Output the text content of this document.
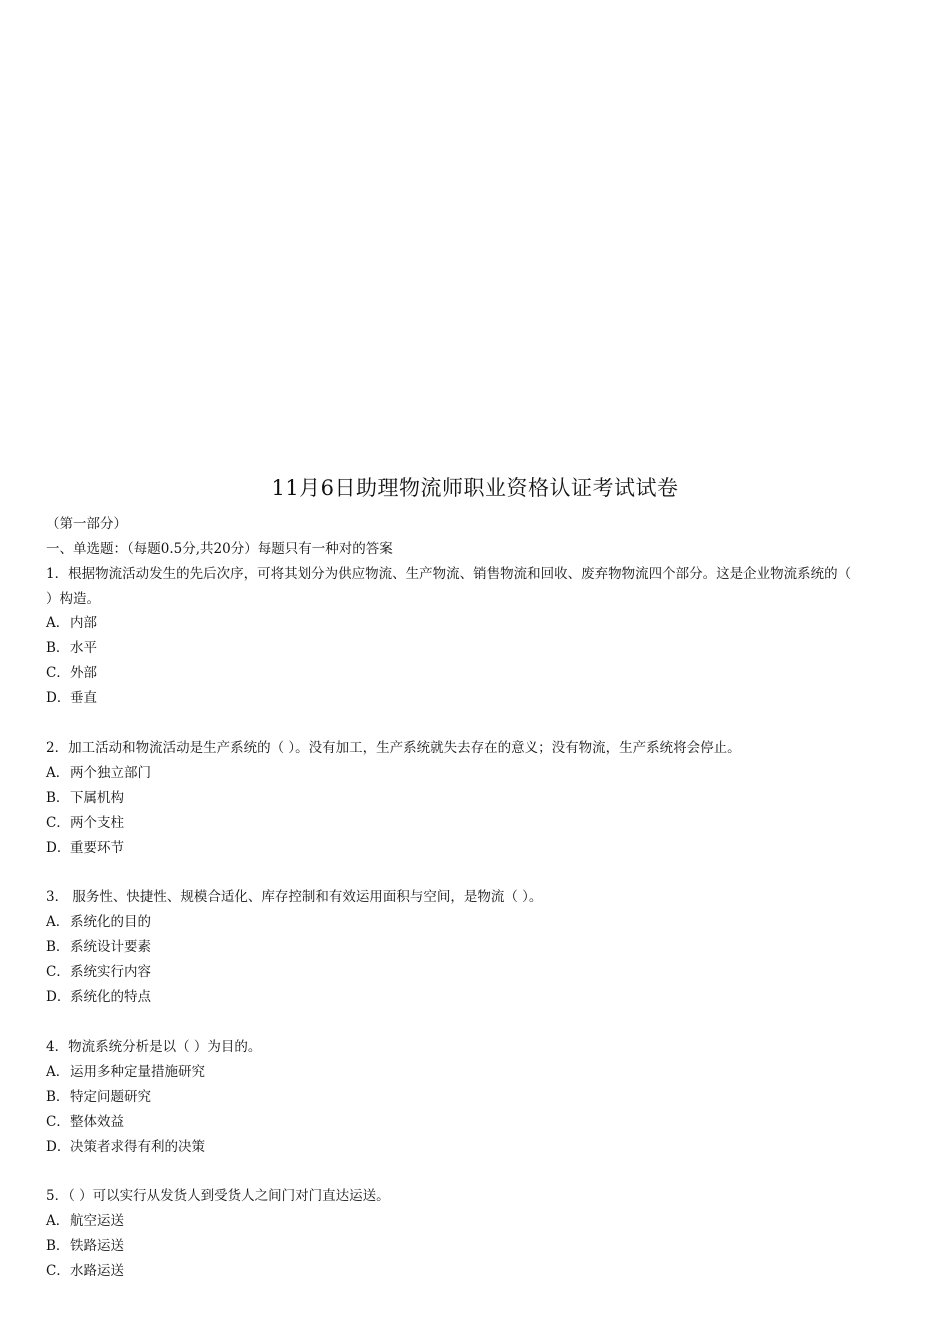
11月6日助理物流师职业资格认证考试试卷
（第一部分）
一、单选题：（每题0.5分,共20分）每题只有一种对的答案
1．根据物流活动发生的先后次序，可将其划分为供应物流、生产物流、销售物流和回收、废弃物物流四个部分。这是企业物流系统的（
）构造。
A．内部
B．水平
C．外部
D．垂直
2．加工活动和物流活动是生产系统的（ ）。没有加工，生产系统就失去存在的意义；没有物流，生产系统将会停止。
A．两个独立部门
B．下属机构
C．两个支柱
D．重要环节
3． 服务性、快捷性、规模合适化、库存控制和有效运用面积与空间，是物流（ ）。
A．系统化的目的
B．系统设计要素
C．系统实行内容
D．系统化的特点
4．物流系统分析是以（ ）为目的。
A．运用多种定量措施研究
B．特定问题研究
C．整体效益
D．决策者求得有利的决策
5．（ ）可以实行从发货人到受货人之间门对门直达运送。
A．航空运送
B．铁路运送
C．水路运送
